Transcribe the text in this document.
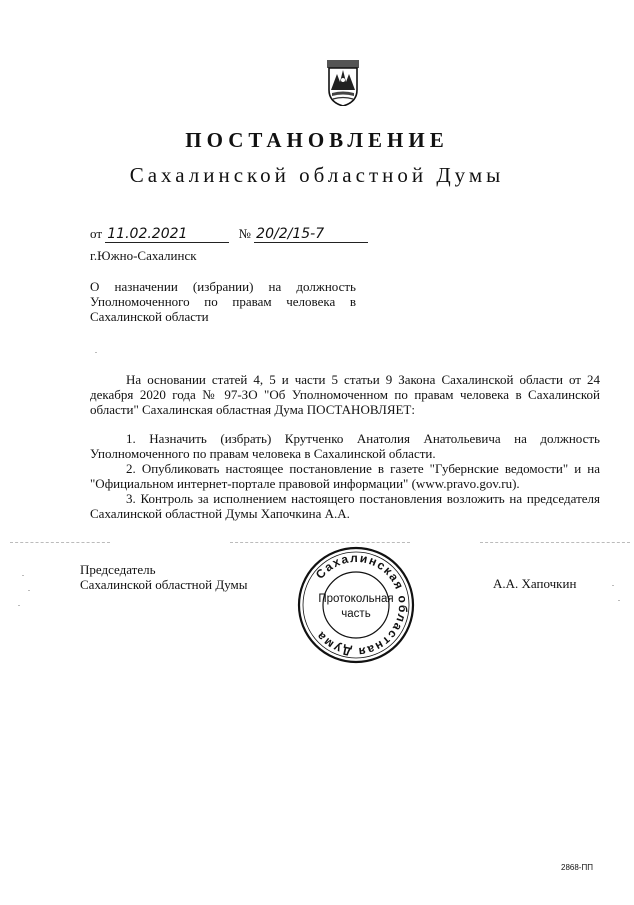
ПОСТАНОВЛЕНИЕ
Сахалинской областной Думы
от 11.02.2021	№ 20/2/15-7
г.Южно-Сахалинск
О назначении (избрании) на должность
Уполномоченного по правам человека в
Сахалинской области

На основании статей 4, 5 и части 5 статьи 9 Закона Сахалинской области от 24 декабря 2020 года № 97-ЗО "Об Уполномоченном по правам человека в Сахалинской области" Сахалинская областная Дума ПОСТАНОВЛЯЕТ:

1. Назначить (избрать) Крутченко Анатолия Анатольевича на должность Уполномоченного по правам человека в Сахалинской области.

2. Опубликовать настоящее постановление в газете "Губернские ведомости" и на "Официальном интернет-портале правовой информации" (www.pravo.gov.ru).

3. Контроль за исполнением настоящего постановления возложить на председателя Сахалинской областной Думы Хапочкина А.А.

Председатель
Сахалинской областной Думы	А.А. Хапочкин
Сахалинская областная Дума
Протокольная
часть
2868-ПП
